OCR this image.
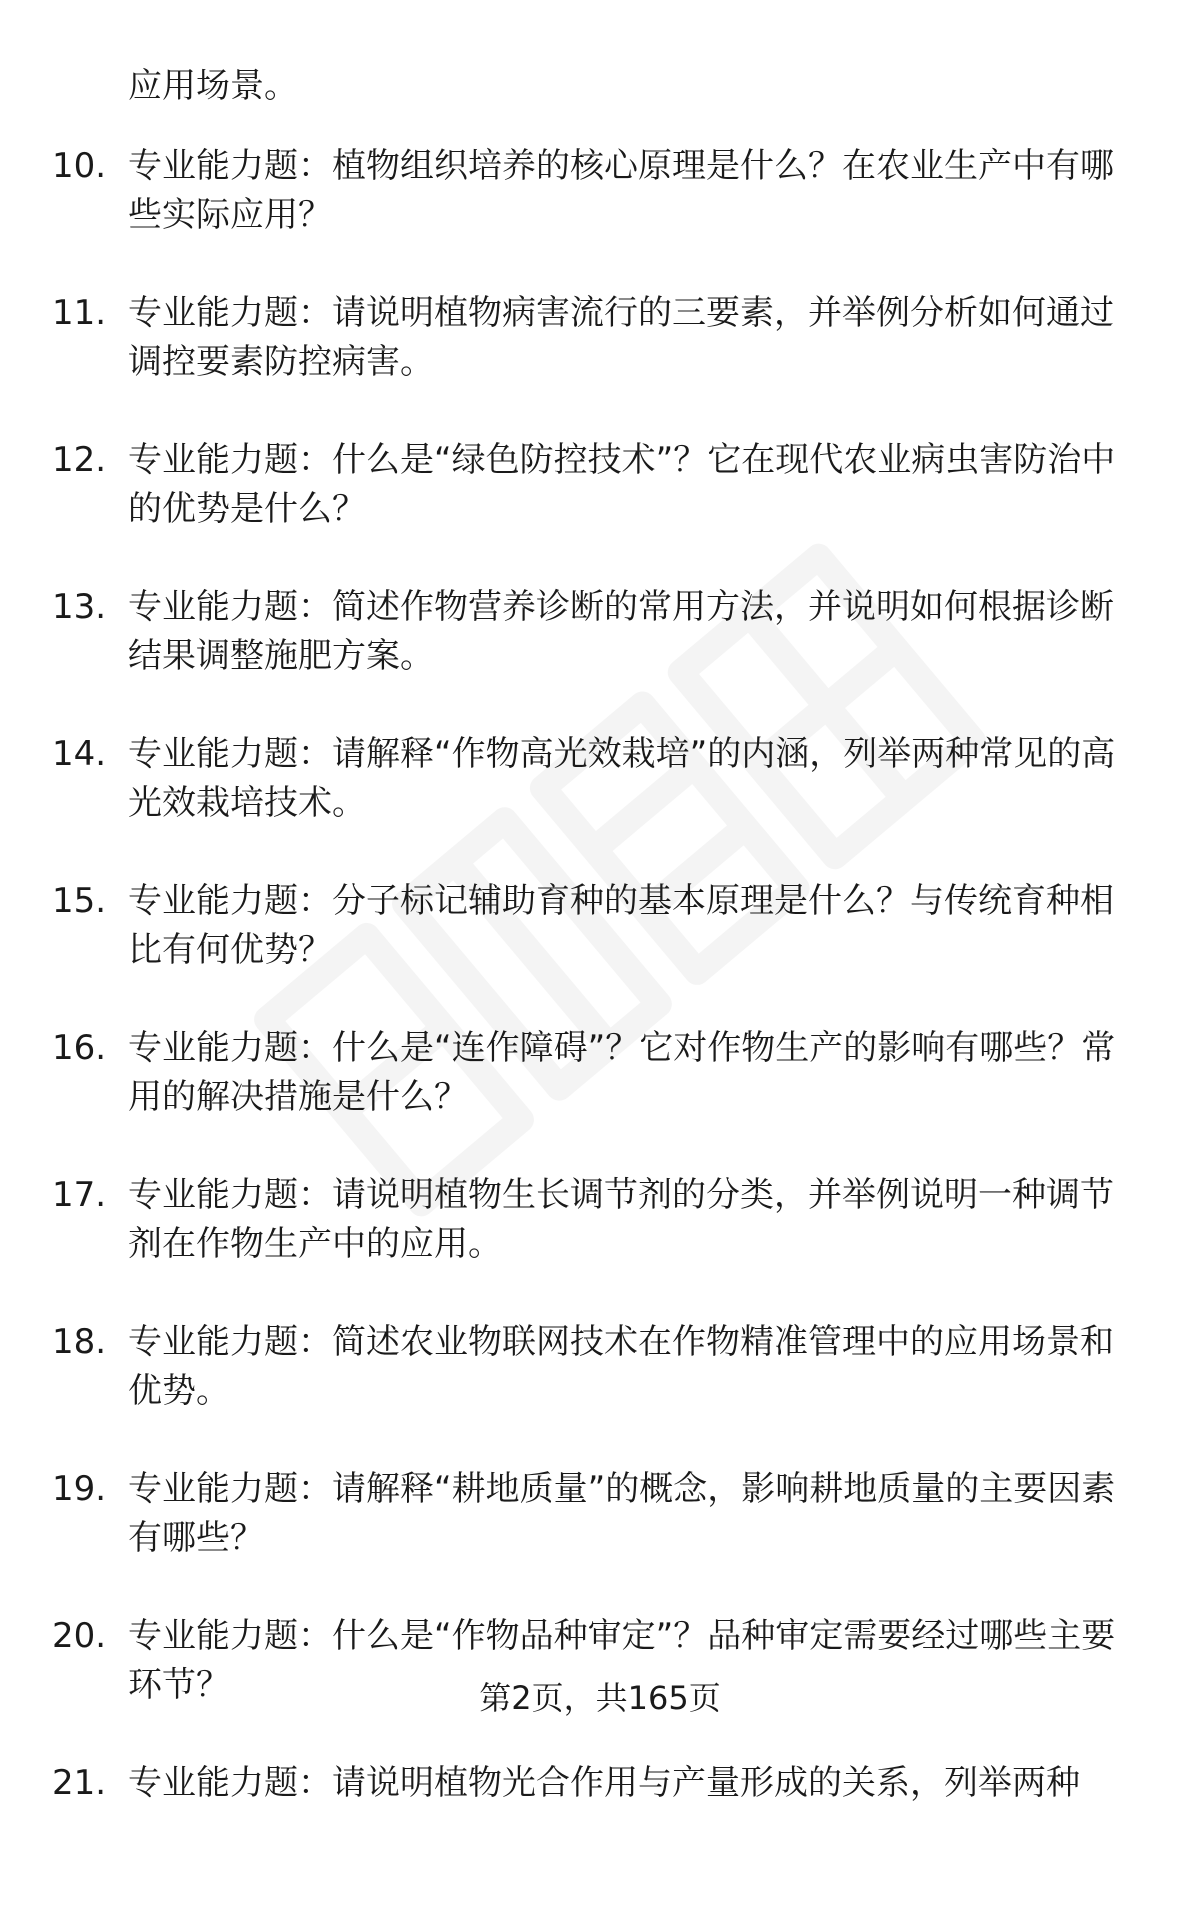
应用场景。
10. 专业能力题：植物组织培养的核心原理是什么？在农业生产中有哪些实际应用？
11. 专业能力题：请说明植物病害流行的三要素，并举例分析如何通过调控要素防控病害。
12. 专业能力题：什么是“绿色防控技术”？它在现代农业病虫害防治中的优势是什么？
13. 专业能力题：简述作物营养诊断的常用方法，并说明如何根据诊断结果调整施肥方案。
14. 专业能力题：请解释“作物高光效栽培”的内涵，列举两种常见的高光效栽培技术。
15. 专业能力题：分子标记辅助育种的基本原理是什么？与传统育种相比有何优势？
16. 专业能力题：什么是“连作障碍”？它对作物生产的影响有哪些？常用的解决措施是什么？
17. 专业能力题：请说明植物生长调节剂的分类，并举例说明一种调节剂在作物生产中的应用。
18. 专业能力题：简述农业物联网技术在作物精准管理中的应用场景和优势。
19. 专业能力题：请解释“耕地质量”的概念，影响耕地质量的主要因素有哪些？
20. 专业能力题：什么是“作物品种审定”？品种审定需要经过哪些主要环节？
21. 专业能力题：请说明植物光合作用与产量形成的关系，列举两种
第2页，共165页
